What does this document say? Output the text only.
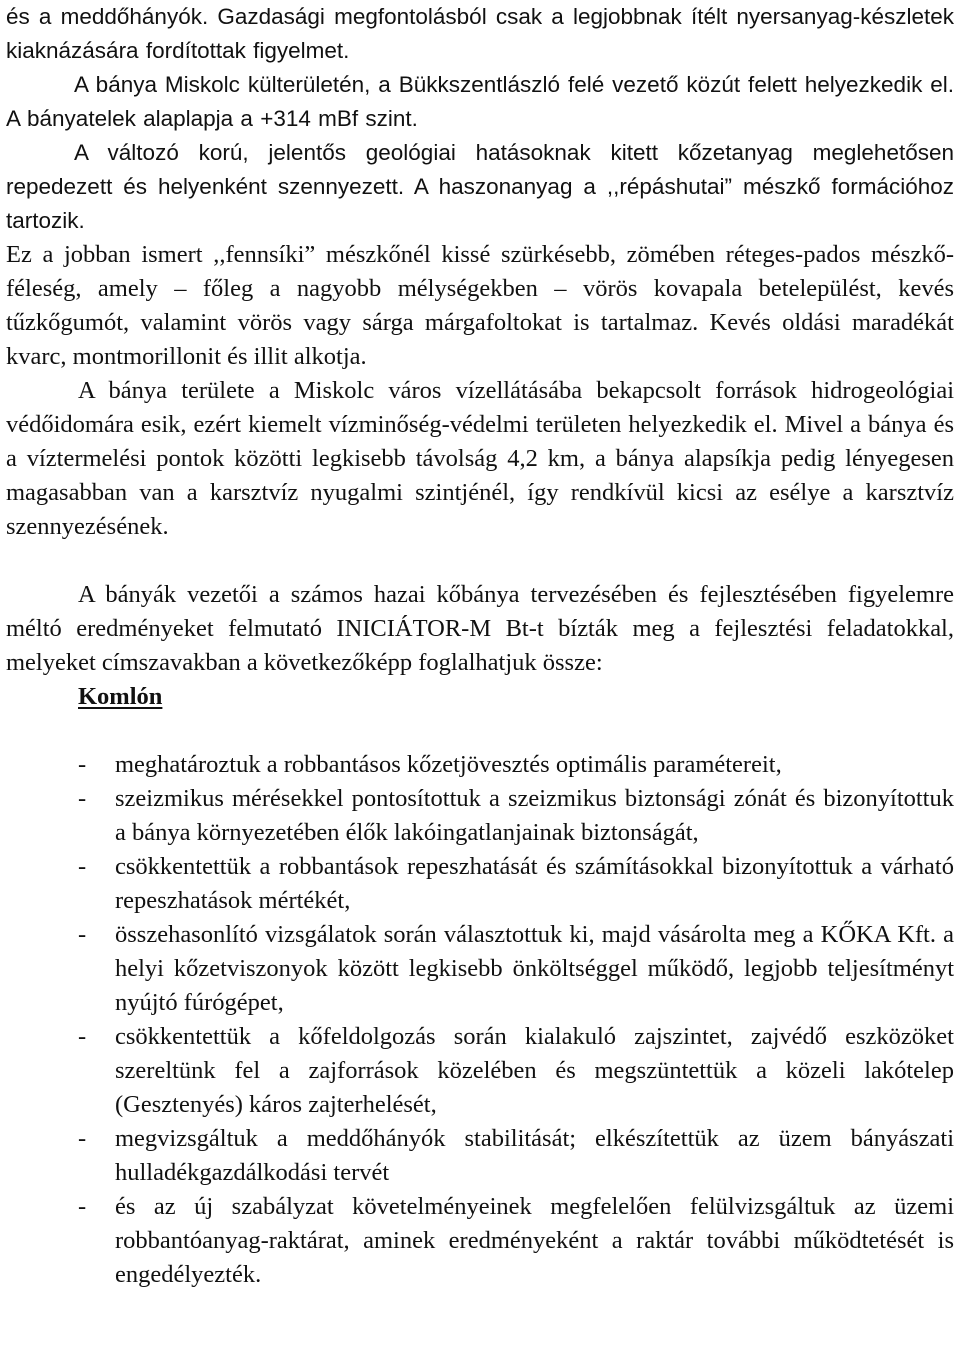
és a meddőhányók. Gazdasági megfontolásból csak a legjobbnak ítélt nyersanyag-készletek kiaknázására fordítottak figyelmet.
A bánya Miskolc külterületén, a Bükkszentlászló felé vezető közút felett helyezkedik el. A bányatelek alaplapja a +314 mBf szint.
A változó korú, jelentős geológiai hatásoknak kitett kőzetanyag meglehetősen repedezett és helyenként szennyezett. A haszonanyag a ,,répáshutai” mészkő formációhoz tartozik.

Ez a jobban ismert ,,fennsíki” mészkőnél kissé szürkésebb, zömében réteges-pados mészkő-féleség, amely – főleg a nagyobb mélységekben – vörös kovapala betelepülést, kevés tűzkőgumót, valamint vörös vagy sárga márgafoltokat is tartalmaz. Kevés oldási maradékát kvarc, montmorillonit és illit alkotja.
A bánya területe a Miskolc város vízellátásába bekapcsolt források hidrogeológiai védőidomára esik, ezért kiemelt vízminőség-védelmi területen helyezkedik el. Mivel a bánya és a víztermelési pontok közötti legkisebb távolság 4,2 km, a bánya alapsíkja pedig lényegesen magasabban van a karsztvíz nyugalmi szintjénél, így rendkívül kicsi az esélye a karsztvíz szennyezésének.

A bányák vezetői a számos hazai kőbánya tervezésében és fejlesztésében figyelemre méltó eredményeket felmutató INICIÁTOR-M Bt-t bízták meg a fejlesztési feladatokkal, melyeket címszavakban a következőképp foglalhatjuk össze:

Komlón
- meghatároztuk a robbantásos kőzetjövesztés optimális paramétereit,
- szeizmikus mérésekkel pontosítottuk a szeizmikus biztonsági zónát és bizonyítottuk a bánya környezetében élők lakóingatlanjainak biztonságát,
- csökkentettük a robbantások repeszhatását és számításokkal bizonyítottuk a várható repeszhatások mértékét,
- összehasonlító vizsgálatok során választottuk ki, majd vásárolta meg a KŐKA Kft. a helyi kőzetviszonyok között legkisebb önköltséggel működő, legjobb teljesítményt nyújtó fúrógépet,
- csökkentettük a kőfeldolgozás során kialakuló zajszintet, zajvédő eszközöket szereltünk fel a zajforrások közelében és megszüntettük a közeli lakótelep (Gesztenyés) káros zajterhelését,
- megvizsgáltuk a meddőhányók stabilitását; elkészítettük az üzem bányászati hulladékgazdálkodási tervét
- és az új szabályzat követelményeinek megfelelően felülvizsgáltuk az üzemi robbantóanyag-raktárat, aminek eredményeként a raktár további működtetését is engedélyezték.
